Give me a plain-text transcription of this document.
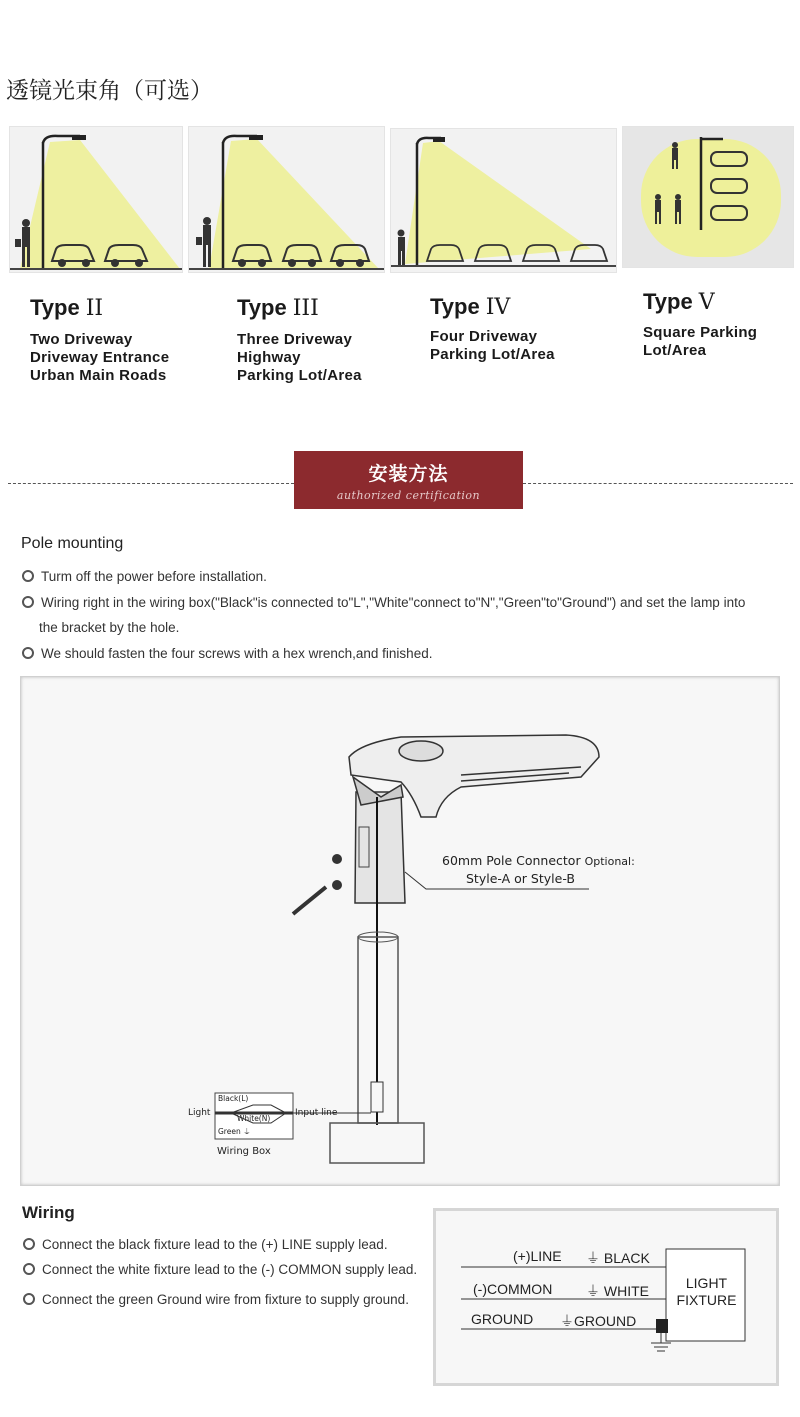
透镜光束角（可选）
Type II
Two Driveway
Driveway Entrance
Urban Main Roads
Type III
Three Driveway
Highway
Parking Lot/Area
Type IV
Four Driveway
Parking Lot/Area
Type V
Square Parking
Lot/Area
安装方法
authorized certification
Pole mounting
Turm off the power before installation.
Wiring right in the wiring box("Black"is connected to"L","White"connect to"N","Green"to"Ground") and set the lamp into
the bracket by the hole.
We should fasten the four screws with a hex wrench,and finished.
60mm Pole Connector Optional:
Style-A or Style-B
Black(L)
White(N)
Green ⏚
Light	Input line
Wiring Box
Wiring
Connect the black fixture lead to the (+) LINE supply lead.
Connect the white fixture lead to the (-) COMMON supply lead.
Connect the green Ground wire from fixture to supply ground.
(+)LINE ⏚ BLACK
(-)COMMON ⏚ WHITE
GROUND ⏚GROUND
LIGHT
FIXTURE
